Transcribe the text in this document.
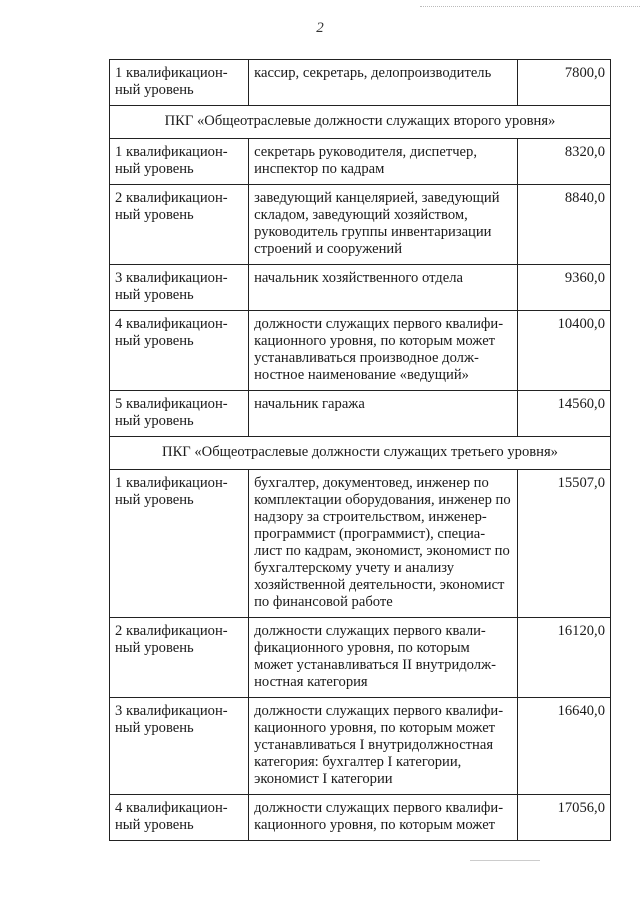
2
1 квалификацион-ный уровень	кассир, секретарь, делопроизводитель	7800,0
ПКГ «Общеотраслевые должности служащих второго уровня»		
1 квалификацион-ный уровень	секретарь руководителя, диспетчер, инспектор по кадрам	8320,0
2 квалификацион-ный уровень	заведующий канцелярией, заведующий складом, заведующий хозяйством, руководитель группы инвентаризации строений и сооружений	8840,0
3 квалификацион-ный уровень	начальник хозяйственного отдела	9360,0
4 квалификацион-ный уровень	должности служащих первого квалифи-кационного уровня, по которым может устанавливаться производное долж-ностное наименование «ведущий»	10400,0
5 квалификацион-ный уровень	начальник гаража	14560,0
ПКГ «Общеотраслевые должности служащих третьего уровня»		
1 квалификацион-ный уровень	бухгалтер, документовед, инженер по комплектации оборудования, инженер по надзору за строительством, инженер-программист (программист), специа-лист по кадрам, экономист, экономист по бухгалтерскому учету и анализу хозяйственной деятельности, экономист по финансовой работе	15507,0
2 квалификацион-ный уровень	должности служащих первого квали-фикационного уровня, по которым может устанавливаться II внутридолж-ностная категория	16120,0
3 квалификацион-ный уровень	должности служащих первого квалифи-кационного уровня, по которым может устанавливаться I внутридолжностная категория: бухгалтер I категории, экономист I категории	16640,0
4 квалификацион-ный уровень	должности служащих первого квалифи-кационного уровня, по которым может	17056,0
